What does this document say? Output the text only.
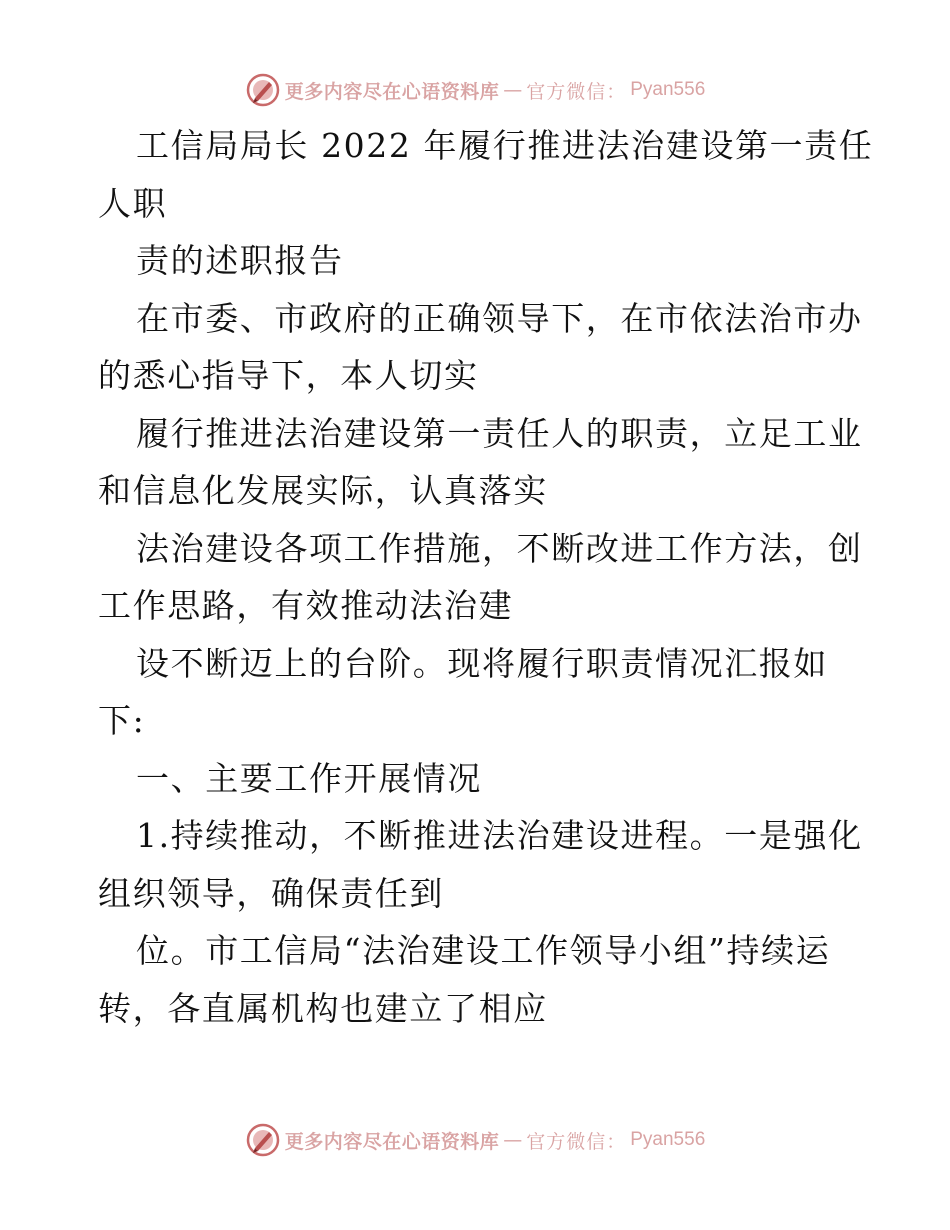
更多内容尽在心语资料库 — 官方微信： Pyan556
工信局局长 2022 年履行推进法治建设第一责任
人职
责的述职报告
在市委、市政府的正确领导下，在市依法治市办
的悉心指导下，本人切实
履行推进法治建设第一责任人的职责，立足工业
和信息化发展实际，认真落实
法治建设各项工作措施，不断改进工作方法，创
工作思路，有效推动法治建
设不断迈上的台阶。现将履行职责情况汇报如
下:
一、主要工作开展情况
1.持续推动，不断推进法治建设进程。一是强化
组织领导，确保责任到
位。市工信局“法治建设工作领导小组”持续运
转，各直属机构也建立了相应
更多内容尽在心语资料库 — 官方微信： Pyan556
